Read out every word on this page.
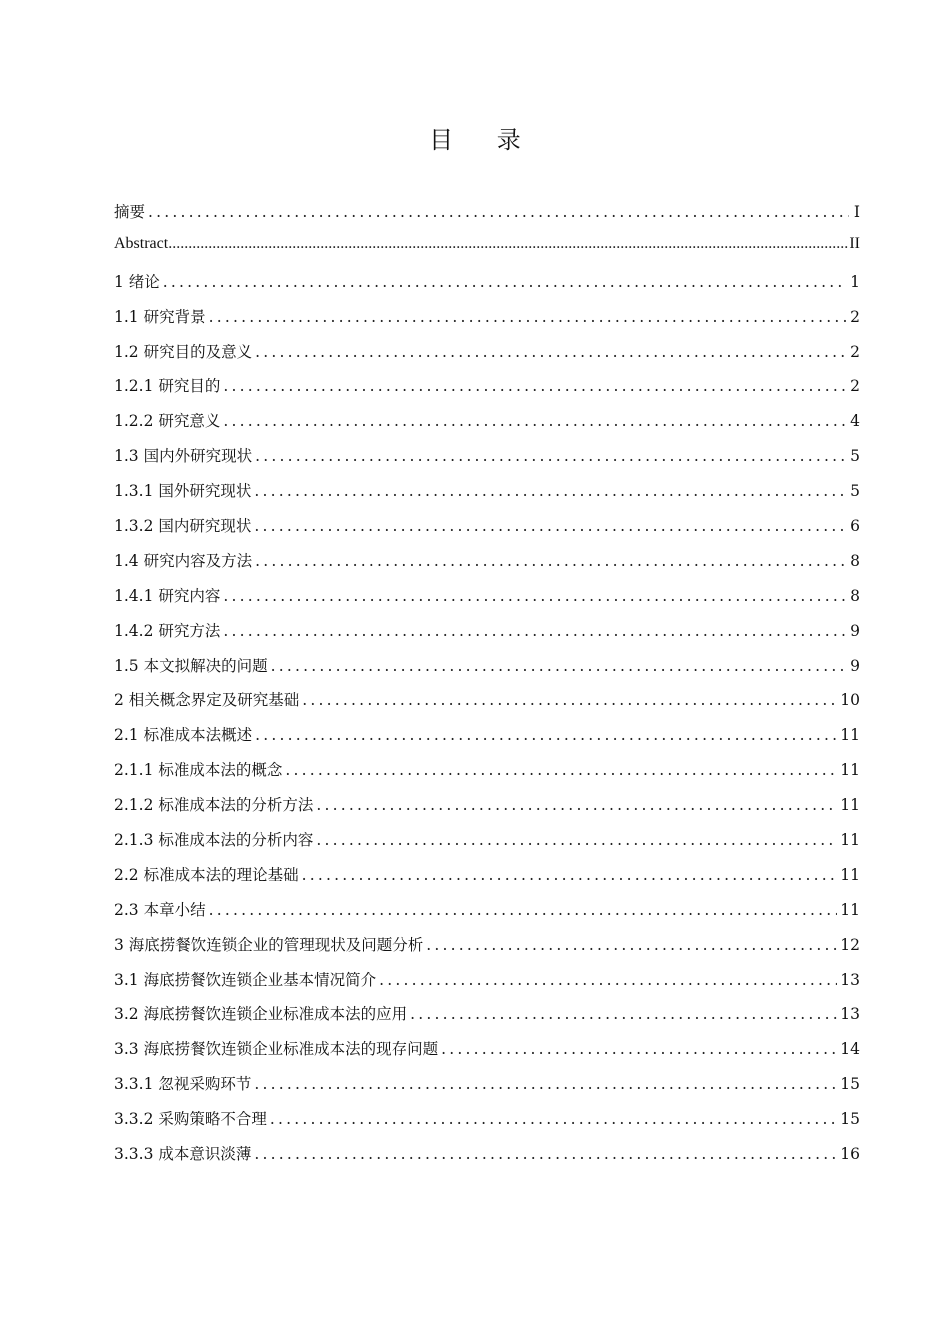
目 录
摘要 .....	I
Abstract .....	II
1 绪论 .....	1
1.1 研究背景 .....	2
1.2 研究目的及意义 .....	2
1.2.1 研究目的 .....	2
1.2.2 研究意义 .....	4
1.3 国内外研究现状 .....	5
1.3.1 国外研究现状 .....	5
1.3.2 国内研究现状 .....	6
1.4 研究内容及方法 .....	8
1.4.1 研究内容 .....	8
1.4.2 研究方法 .....	9
1.5 本文拟解决的问题 .....	9
2 相关概念界定及研究基础 .....	10
2.1 标准成本法概述 .....	11
2.1.1 标准成本法的概念 .....	11
2.1.2 标准成本法的分析方法 .....	11
2.1.3 标准成本法的分析内容 .....	11
2.2 标准成本法的理论基础 .....	11
2.3 本章小结 .....	11
3 海底捞餐饮连锁企业的管理现状及问题分析 .....	12
3.1 海底捞餐饮连锁企业基本情况简介 .....	13
3.2 海底捞餐饮连锁企业标准成本法的应用 .....	13
3.3 海底捞餐饮连锁企业标准成本法的现存问题 .....	14
3.3.1 忽视采购环节 .....	15
3.3.2 采购策略不合理 .....	15
3.3.3 成本意识淡薄 .....	16
